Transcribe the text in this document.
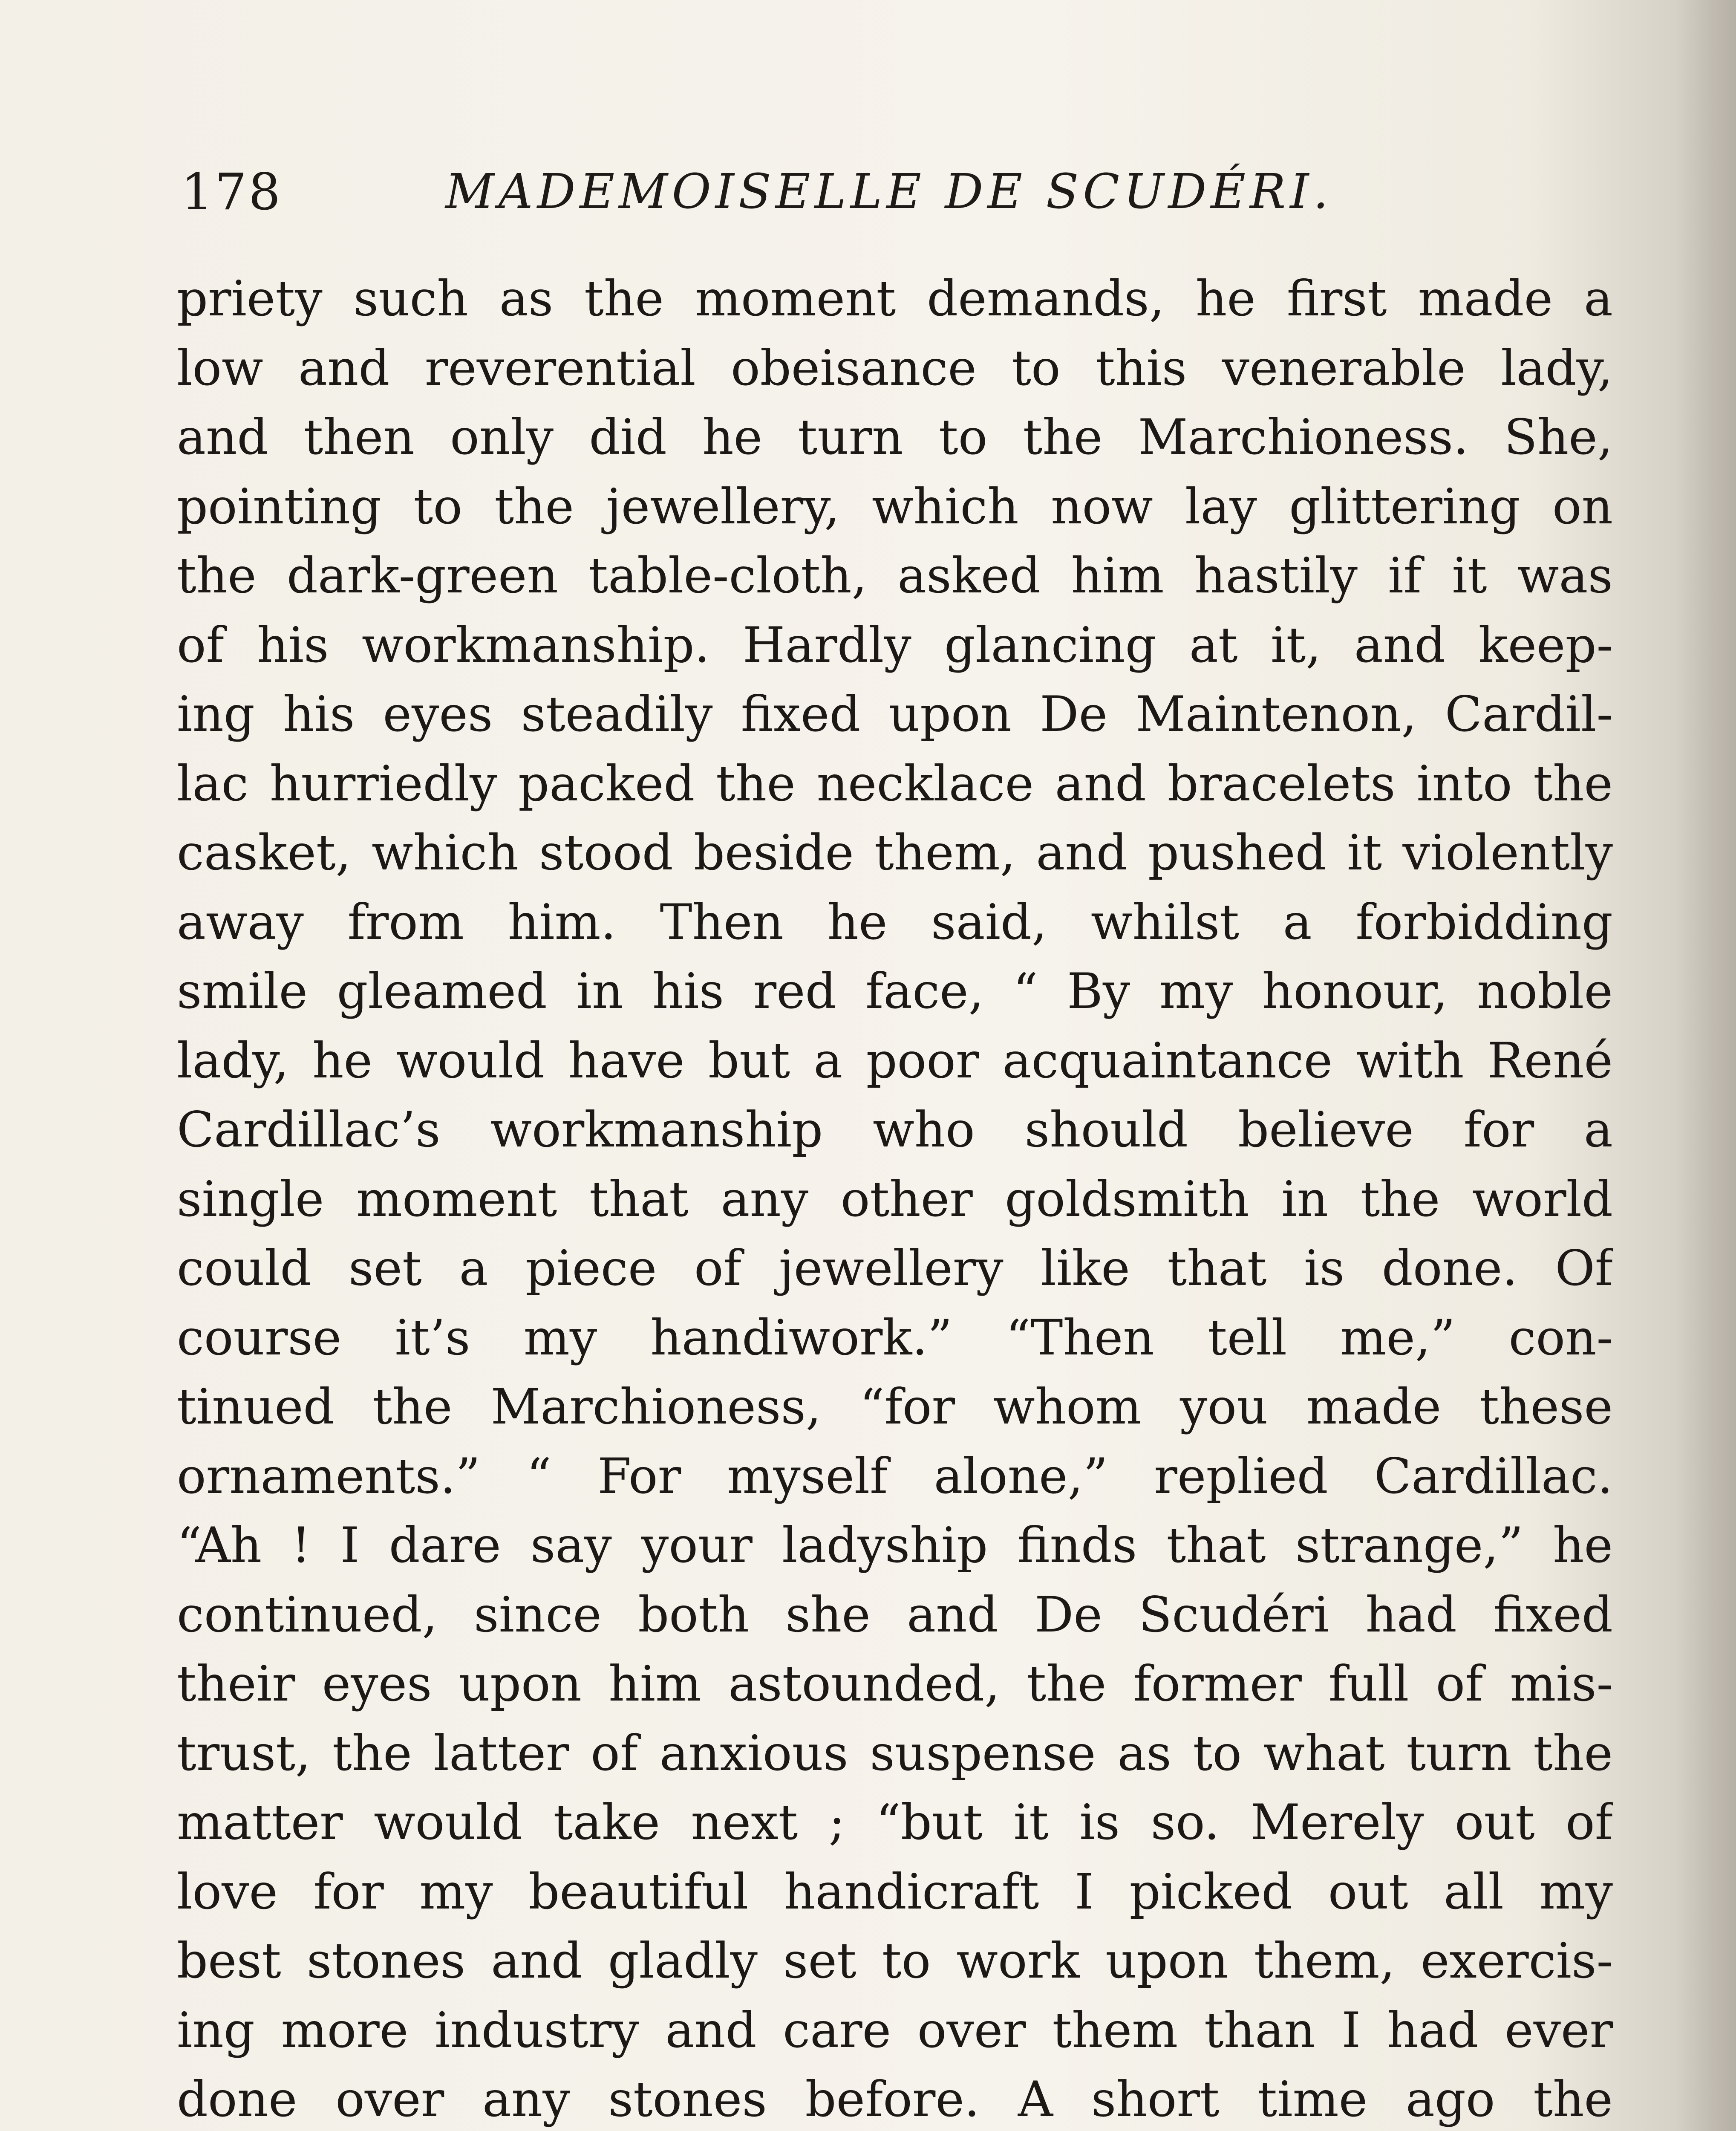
178	MADEMOISELLE DE SCUDÉRI.
priety such as the moment demands, he first made a
low and reverential obeisance to this venerable lady,
and then only did he turn to the Marchioness. She,
pointing to the jewellery, which now lay glittering on
the dark-green table-cloth, asked him hastily if it was
of his workmanship. Hardly glancing at it, and keep-
ing his eyes steadily fixed upon De Maintenon, Cardil-
lac hurriedly packed the necklace and bracelets into the
casket, which stood beside them, and pushed it violently
away from him. Then he said, whilst a forbidding
smile gleamed in his red face, “ By my honour, noble
lady, he would have but a poor acquaintance with René
Cardillac’s workmanship who should believe for a
single moment that any other goldsmith in the world
could set a piece of jewellery like that is done. Of
course it’s my handiwork.” “Then tell me,” con-
tinued the Marchioness, “for whom you made these
ornaments.” “ For myself alone,” replied Cardillac.
“Ah ! I dare say your ladyship finds that strange,” he
continued, since both she and De Scudéri had fixed
their eyes upon him astounded, the former full of mis-
trust, the latter of anxious suspense as to what turn the
matter would take next ; “but it is so. Merely out of
love for my beautiful handicraft I picked out all my
best stones and gladly set to work upon them, exercis-
ing more industry and care over them than I had ever
done over any stones before. A short time ago the
